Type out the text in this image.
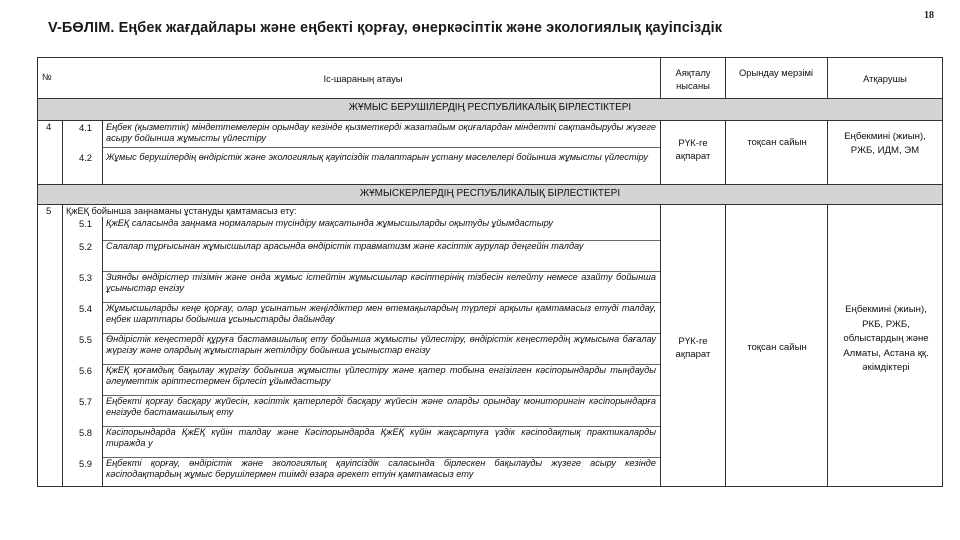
V-БӨЛІМ. Еңбек жағдайлары және еңбекті қорғау, өнеркәсіптік және экологиялық қауіпсіздік
18
№	Іс-шараның атауы
Аяқталу нысаны
Орындау мерзімі
Атқарушы
ЖҰМЫС БЕРУШІЛЕРДІҢ РЕСПУБЛИКАЛЫҚ БІРЛЕСТІКТЕРІ
4	4.1 Еңбек (қызметтік) міндеттемелерін орындау кезінде қызметкерді жазатайым оқиғалардан міндетті сақтандыруды жүзеге асыру бойынша жұмысты үйлестіру
4.2 Жұмыс берушілердің өндірістік және экологиялық қауіпсіздік талаптарын ұстану мәселелері бойынша жұмысты үйлестіру
РҮК-ге ақпарат
тоқсан сайын
Еңбекмині (жиын), РЖБ, ИДМ, ЭМ
ЖҰМЫСКЕРЛЕРДІҢ РЕСПУБЛИКАЛЫҚ БІРЛЕСТІКТЕРІ
5 ҚжЕҚ бойынша заңнаманы ұстануды қамтамасыз ету:
5.1 ҚжЕҚ саласында заңнама нормаларын түсіндіру мақсатында жұмысшыларды оқытуды ұйымдастыру
5.2 Салалар тұрғысынан жұмысшылар арасында өндірістік травматизм және кәсіптік аурулар деңгейін талдау
5.3 Зиянды өндірістер тізімін және онда жұмыс істейтін жұмысшылар кәсіптерінің тізбесін келейту немесе азайту бойынша ұсыныстар енгізу
5.4 Жұмысшыларды кеңе қорғау, олар ұсынатын жеңілдіктер мен өтемақылардың түрлері арқылы қамтамасыз етуді талдау, еңбек шарттары бойынша ұсыныстарды дайындау
5.5 Өндірістік кеңестерді құруға бастамашылық ету бойынша жұмысты үйлестіру, өндірістік кеңестердің жұмысына бағалау жүргізу және олардың жұмыстарын жетілдіру бойынша ұсыныстар енгізу
5.6 ҚжЕҚ қоғамдық бақылау жүргізу бойынша жұмысты үйлестіру және қатер тобына енгізілген кәсіпорындарды тыңдауды әлеуметтік әріптестермен бірлесіп ұйымдастыру
5.7 Еңбекті қорғау басқару жүйесін, кәсіптік қатерлерді басқару жүйесін және оларды орындау мониторингін кәсіпорындарға енгізуде бастамашылық ету
5.8 Кәсіпорындарда ҚжЕҚ күйін талдау және Кәсіпорындарда ҚжЕҚ күйін жақсартуға үздік кәсіподақтық практикаларды тиражда у
5.9 Еңбекті қорғау, өндірістік және экологиялық қауіпсіздік саласында бірлескен бақылауды жүзеге асыру кезінде кәсіподақтардың жұмыс берушілермен тиімді өзара әрекет етуін қамтамасыз ету
РҮК-ге ақпарат
тоқсан сайын
Еңбекмині (жиын), РКБ, РЖБ, облыстардың және Алматы, Астана ққ. әкімдіктері
